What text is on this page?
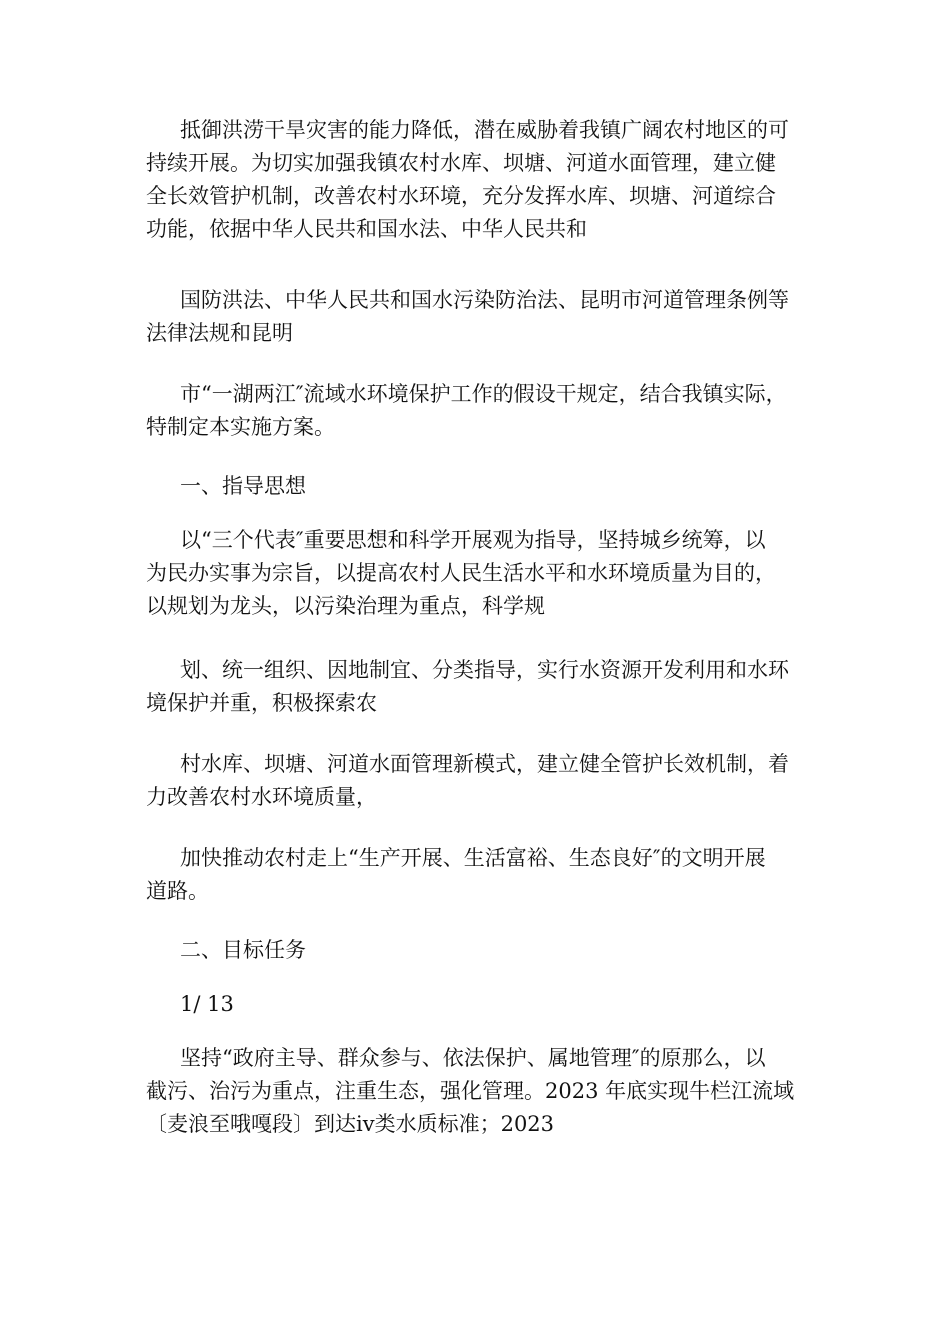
抵御洪涝干旱灾害的能力降低，潜在威胁着我镇广阔农村地区的可
持续开展。为切实加强我镇农村水库、坝塘、河道水面管理，建立健
全长效管护机制，改善农村水环境，充分发挥水库、坝塘、河道综合
功能，依据中华人民共和国水法、中华人民共和
国防洪法、中华人民共和国水污染防治法、昆明市河道管理条例等
法律法规和昆明
市“一湖两江″流域水环境保护工作的假设干规定，结合我镇实际，
特制定本实施方案。
一、指导思想
以“三个代表″重要思想和科学开展观为指导，坚持城乡统筹，以
为民办实事为宗旨，以提高农村人民生活水平和水环境质量为目的，
以规划为龙头，以污染治理为重点，科学规
划、统一组织、因地制宜、分类指导，实行水资源开发利用和水环
境保护并重，积极探索农
村水库、坝塘、河道水面管理新模式，建立健全管护长效机制，着
力改善农村水环境质量，
加快推动农村走上“生产开展、生活富裕、生态良好″的文明开展
道路。
二、目标任务
1/ 13
坚持“政府主导、群众参与、依法保护、属地管理″的原那么，以
截污、治污为重点，注重生态，强化管理。2023 年底实现牛栏江流域
〔麦浪至哦嘎段〕到达ⅳ类水质标准；2023
